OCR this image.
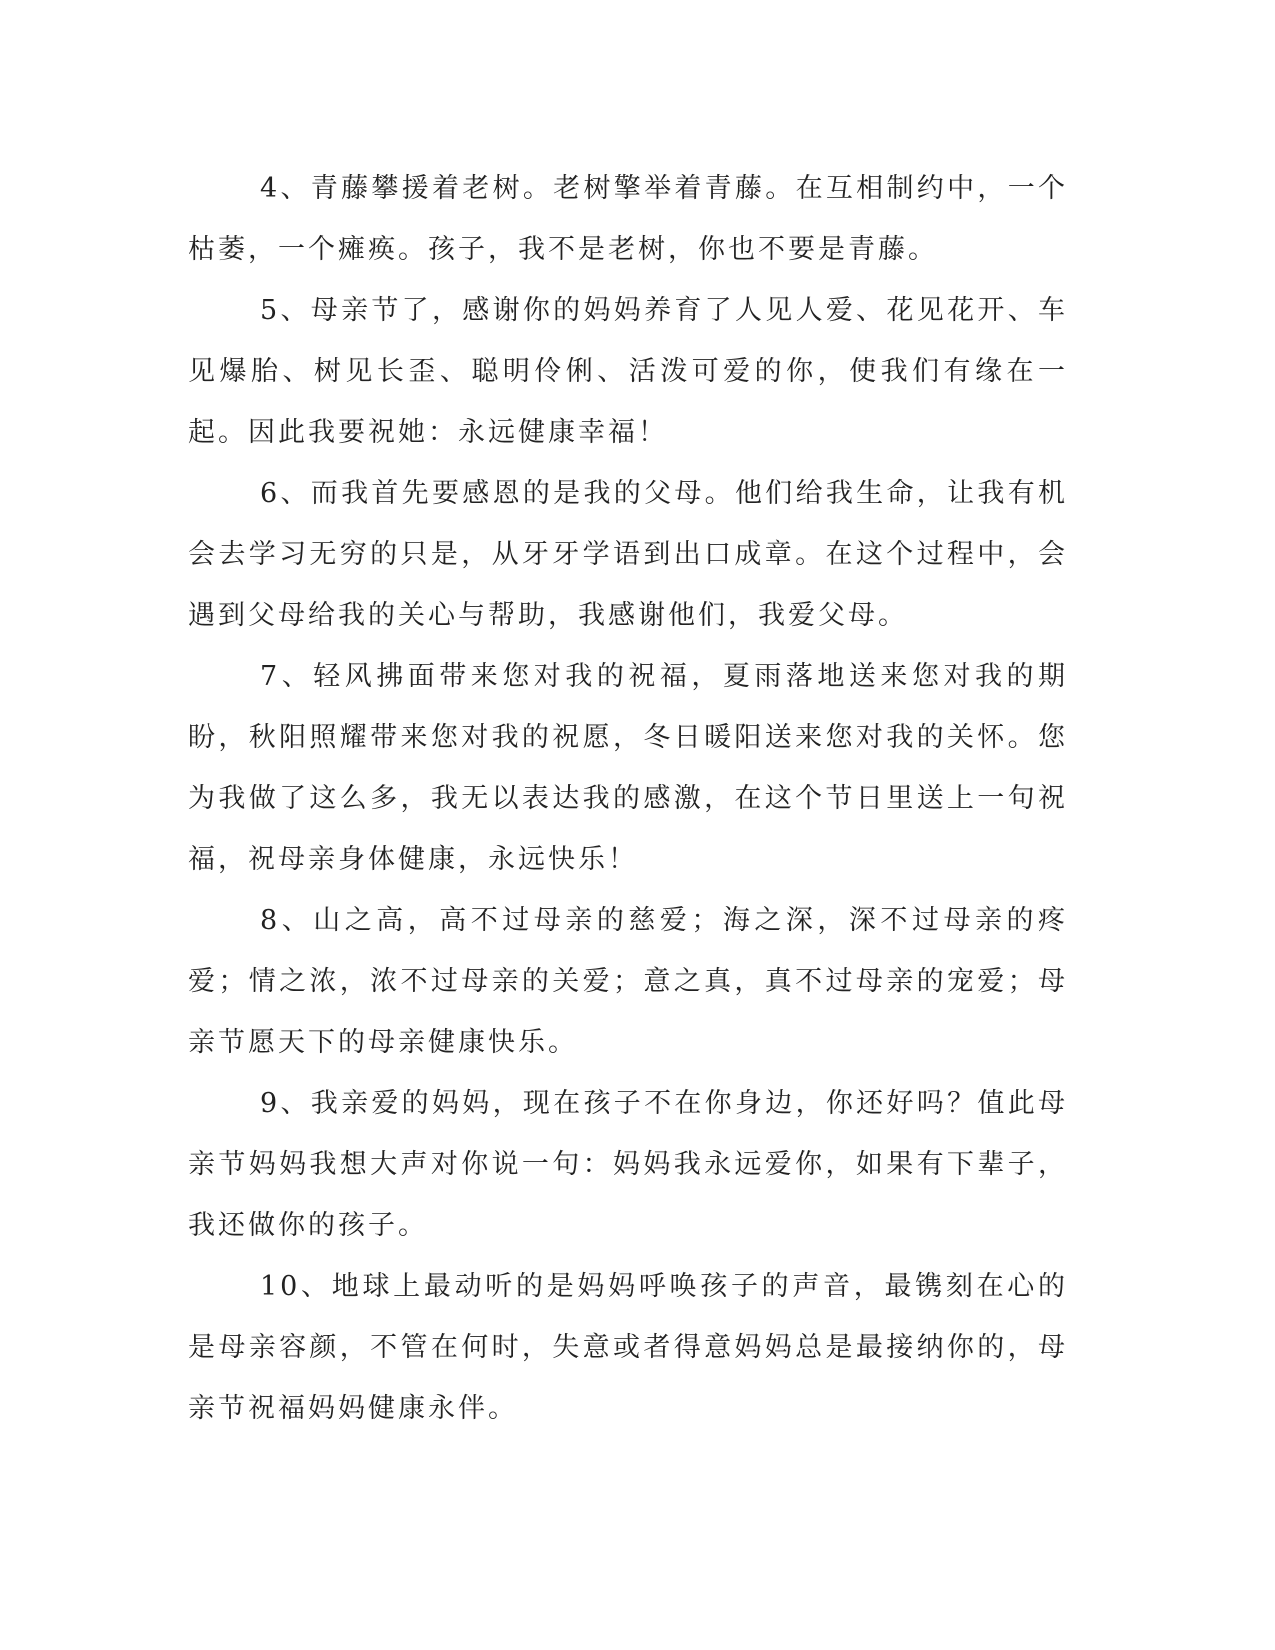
4、青藤攀援着老树。老树擎举着青藤。在互相制约中，一个枯萎，一个瘫痪。孩子，我不是老树，你也不要是青藤。

5、母亲节了，感谢你的妈妈养育了人见人爱、花见花开、车见爆胎、树见长歪、聪明伶俐、活泼可爱的你，使我们有缘在一起。因此我要祝她：永远健康幸福！

6、而我首先要感恩的是我的父母。他们给我生命，让我有机会去学习无穷的只是，从牙牙学语到出口成章。在这个过程中，会遇到父母给我的关心与帮助，我感谢他们，我爱父母。

7、轻风拂面带来您对我的祝福，夏雨落地送来您对我的期盼，秋阳照耀带来您对我的祝愿，冬日暖阳送来您对我的关怀。您为我做了这么多，我无以表达我的感激，在这个节日里送上一句祝福，祝母亲身体健康，永远快乐！

8、山之高，高不过母亲的慈爱；海之深，深不过母亲的疼爱；情之浓，浓不过母亲的关爱；意之真，真不过母亲的宠爱；母亲节愿天下的母亲健康快乐。

9、我亲爱的妈妈，现在孩子不在你身边，你还好吗？值此母亲节妈妈我想大声对你说一句：妈妈我永远爱你，如果有下辈子，我还做你的孩子。

10、地球上最动听的是妈妈呼唤孩子的声音，最镌刻在心的是母亲容颜，不管在何时，失意或者得意妈妈总是最接纳你的，母亲节祝福妈妈健康永伴。
